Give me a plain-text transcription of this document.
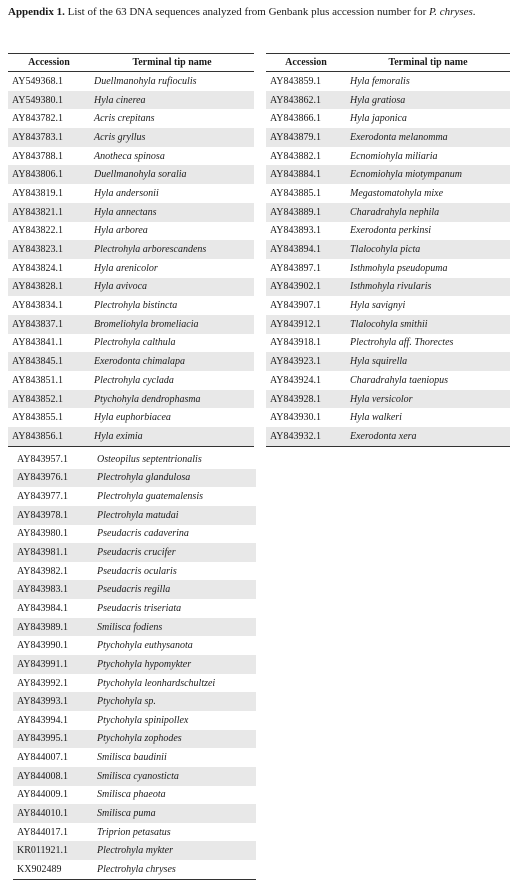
Appendix 1. List of the 63 DNA sequences analyzed from Genbank plus accession number for P. chryses.
Accession	Terminal tip name
AY549368.1	Duellmanohyla rufioculis
AY549380.1	Hyla cinerea
AY843782.1	Acris crepitans
AY843783.1	Acris gryllus
AY843788.1	Anotheca spinosa
AY843806.1	Duellmanohyla soralia
AY843819.1	Hyla andersonii
AY843821.1	Hyla annectans
AY843822.1	Hyla arborea
AY843823.1	Plectrohyla arborescandens
AY843824.1	Hyla arenicolor
AY843828.1	Hyla avivoca
AY843834.1	Plectrohyla bistincta
AY843837.1	Bromeliohyla bromeliacia
AY843841.1	Plectrohyla calthula
AY843845.1	Exerodonta chimalapa
AY843851.1	Plectrohyla cyclada
AY843852.1	Ptychohyla dendrophasma
AY843855.1	Hyla euphorbiacea
AY843856.1	Hyla eximia
Accession	Terminal tip name
AY843859.1	Hyla femoralis
AY843862.1	Hyla gratiosa
AY843866.1	Hyla japonica
AY843879.1	Exerodonta melanomma
AY843882.1	Ecnomiohyla miliaria
AY843884.1	Ecnomiohyla miotympanum
AY843885.1	Megastomatohyla mixe
AY843889.1	Charadrahyla nephila
AY843893.1	Exerodonta perkinsi
AY843894.1	Tlalocohyla picta
AY843897.1	Isthmohyla pseudopuma
AY843902.1	Isthmohyla rivularis
AY843907.1	Hyla savignyi
AY843912.1	Tlalocohyla smithii
AY843918.1	Plectrohyla aff. Thorectes
AY843923.1	Hyla squirella
AY843924.1	Charadrahyla taeniopus
AY843928.1	Hyla versicolor
AY843930.1	Hyla walkeri
AY843932.1	Exerodonta xera
AY843957.1	Osteopilus septentrionalis
AY843976.1	Plectrohyla glandulosa
AY843977.1	Plectrohyla guatemalensis
AY843978.1	Plectrohyla matudai
AY843980.1	Pseudacris cadaverina
AY843981.1	Pseudacris crucifer
AY843982.1	Pseudacris ocularis
AY843983.1	Pseudacris regilla
AY843984.1	Pseudacris triseriata
AY843989.1	Smilisca fodiens
AY843990.1	Ptychohyla euthysanota
AY843991.1	Ptychohyla hypomykter
AY843992.1	Ptychohyla leonhardschultzei
AY843993.1	Ptychohyla sp.
AY843994.1	Ptychohyla spinipollex
AY843995.1	Ptychohyla zophodes
AY844007.1	Smilisca baudinii
AY844008.1	Smilisca cyanosticta
AY844009.1	Smilisca phaeota
AY844010.1	Smilisca puma
AY844017.1	Triprion petasatus
KR011921.1	Plectrohyla mykter
KX902489	Plectrohyla chryses
